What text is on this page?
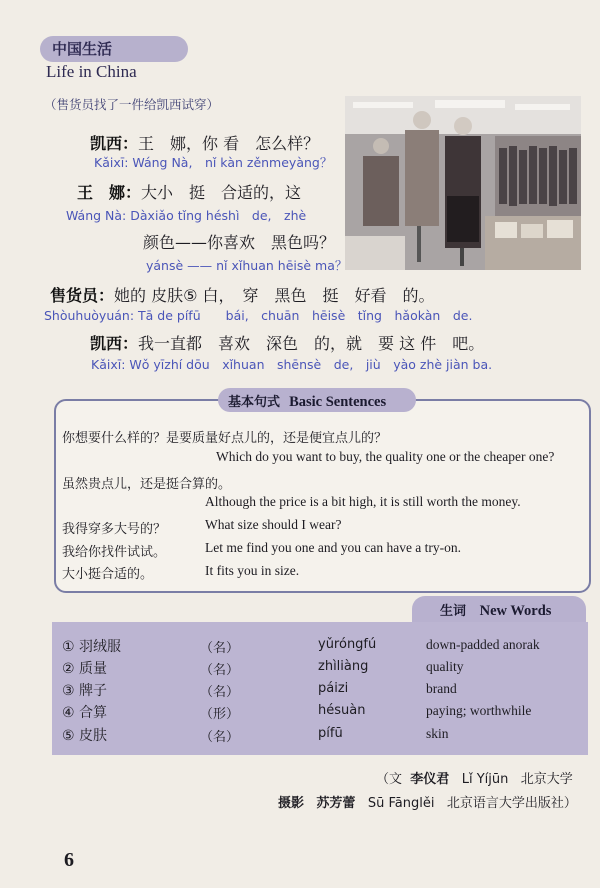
中国生活
Life in China
（售货员找了一件给凯西试穿）
凯西：王　娜，你 看　怎么样？
Kǎixī: Wáng Nà,　nǐ kàn zěnmeyàng？
王　娜：大小　挺　合适的，这
Wáng Nà: Dàxiǎo tǐng héshì　de,　zhè
颜色——你喜欢　黑色吗？
yánsè —— nǐ xǐhuan hēisè ma？
售货员：她的 皮肤⑤ 白，　穿　黑色　挺　好看　的。
Shòuhuòyuán: Tā de pífū　　bái,　chuān　hēisè　tǐng　hǎokàn　de.
凯西：我一直都　喜欢　深色　的，就　要 这 件　吧。
Kǎixī: Wǒ yīzhí dōu　xǐhuan　shēnsè　de,　jiù　yào zhè jiàn ba.
基本句式 Basic Sentences
你想要什么样的？是要质量好点儿的，还是便宜点儿的？
Which do you want to buy, the quality one or the cheaper one?
虽然贵点儿，还是挺合算的。
Although the price is a bit high, it is still worth the money.
我得穿多大号的？	What size should I wear?
我给你找件试试。	Let me find you one and you can have a try-on.
大小挺合适的。	It fits you in size.
生词 New Words
① 羽绒服	（名）	yǔróngfú	down-padded anorak
② 质量	（名）	zhìliàng	quality
③ 牌子	（名）	páizi	brand
④ 合算	（形）	hésuàn	paying; worthwhile
⑤ 皮肤	（名）	pífū	skin
（文 李仪君 Lǐ Yíjūn 北京大学
摄影 苏芳蕾 Sū Fānglěi 北京语言大学出版社）
6
